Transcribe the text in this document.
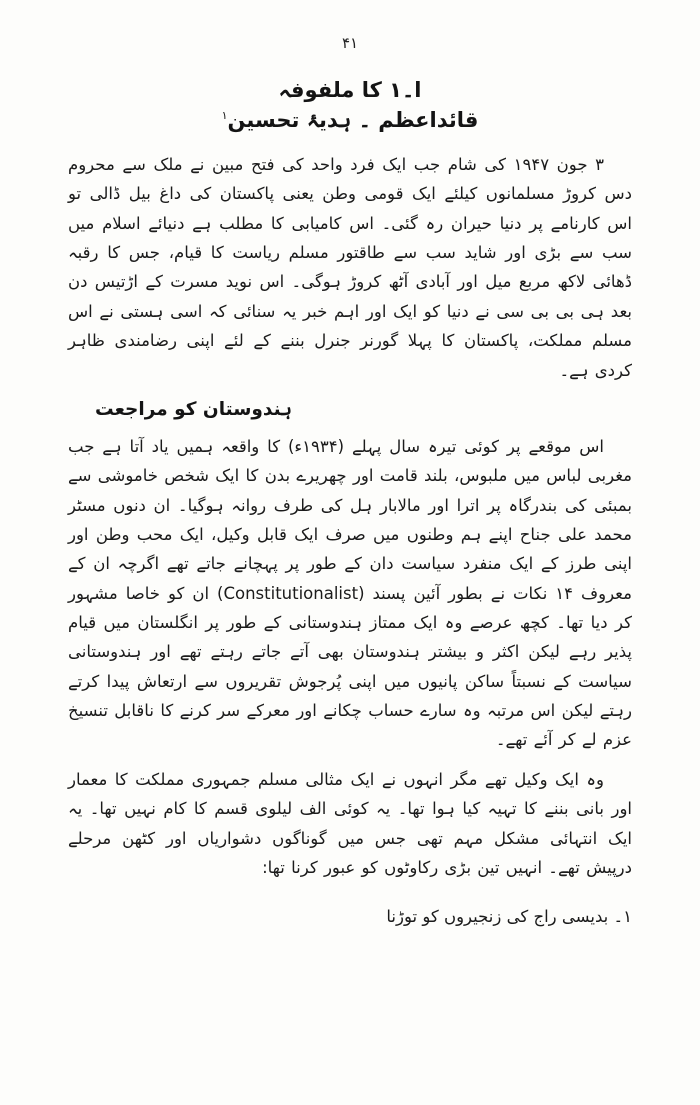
۴۱
ا۔۱ کا ملفوفہ
قائداعظم ۔ ہدیۂ تحسین$^۱$

۳ جون ۱۹۴۷ کی شام جب ایک فرد واحد کی فتح مبین نے ملک سے محروم دس کروڑ مسلمانوں کیلئے ایک قومی وطن یعنی پاکستان کی داغ بیل ڈالی تو اس کارنامے پر دنیا حیران رہ گئی۔ اس کامیابی کا مطلب ہے دنیائے اسلام میں سب سے بڑی اور شاید سب سے طاقتور مسلم ریاست کا قیام، جس کا رقبہ ڈھائی لاکھ مربع میل اور آبادی آٹھ کروڑ ہوگی۔ اس نوید مسرت کے اڑتیس دن بعد ہی بی بی سی نے دنیا کو ایک اور اہم خبر یہ سنائی کہ اسی ہستی نے اس مسلم مملکت، پاکستان کا پہلا گورنر جنرل بننے کے لئے اپنی رضامندی ظاہر کردی ہے۔

ہندوستان کو مراجعت

اس موقعے پر کوئی تیرہ سال پہلے (۱۹۳۴ء) کا واقعہ ہمیں یاد آتا ہے جب مغربی لباس میں ملبوس، بلند قامت اور چھریرے بدن کا ایک شخص خاموشی سے بمبئی کی بندرگاہ پر اترا اور مالابار ہل کی طرف روانہ ہوگیا۔ ان دنوں مسٹر محمد علی جناح اپنے ہم وطنوں میں صرف ایک قابل وکیل، ایک محب وطن اور اپنی طرز کے ایک منفرد سیاست دان کے طور پر پہچانے جاتے تھے اگرچہ ان کے معروف ۱۴ نکات نے بطور آئین پسند (Constitutionalist) ان کو خاصا مشہور کر دیا تھا۔ کچھ عرصے وہ ایک ممتاز ہندوستانی کے طور پر انگلستان میں قیام پذیر رہے لیکن اکثر و بیشتر ہندوستان بھی آتے جاتے رہتے تھے اور ہندوستانی سیاست کے نسبتاً ساکن پانیوں میں اپنی پُرجوش تقریروں سے ارتعاش پیدا کرتے رہتے لیکن اس مرتبہ وہ سارے حساب چکانے اور معرکے سر کرنے کا ناقابل تنسیخ عزم لے کر آئے تھے۔

وہ ایک وکیل تھے مگر انہوں نے ایک مثالی مسلم جمہوری مملکت کا معمار اور بانی بننے کا تہیہ کیا ہوا تھا۔ یہ کوئی الف لیلوی قسم کا کام نہیں تھا۔ یہ ایک انتہائی مشکل مہم تھی جس میں گوناگوں دشواریاں اور کٹھن مرحلے درپیش تھے۔ انہیں تین بڑی رکاوٹوں کو عبور کرنا تھا:

۱۔ بدیسی راج کی زنجیروں کو توڑنا
